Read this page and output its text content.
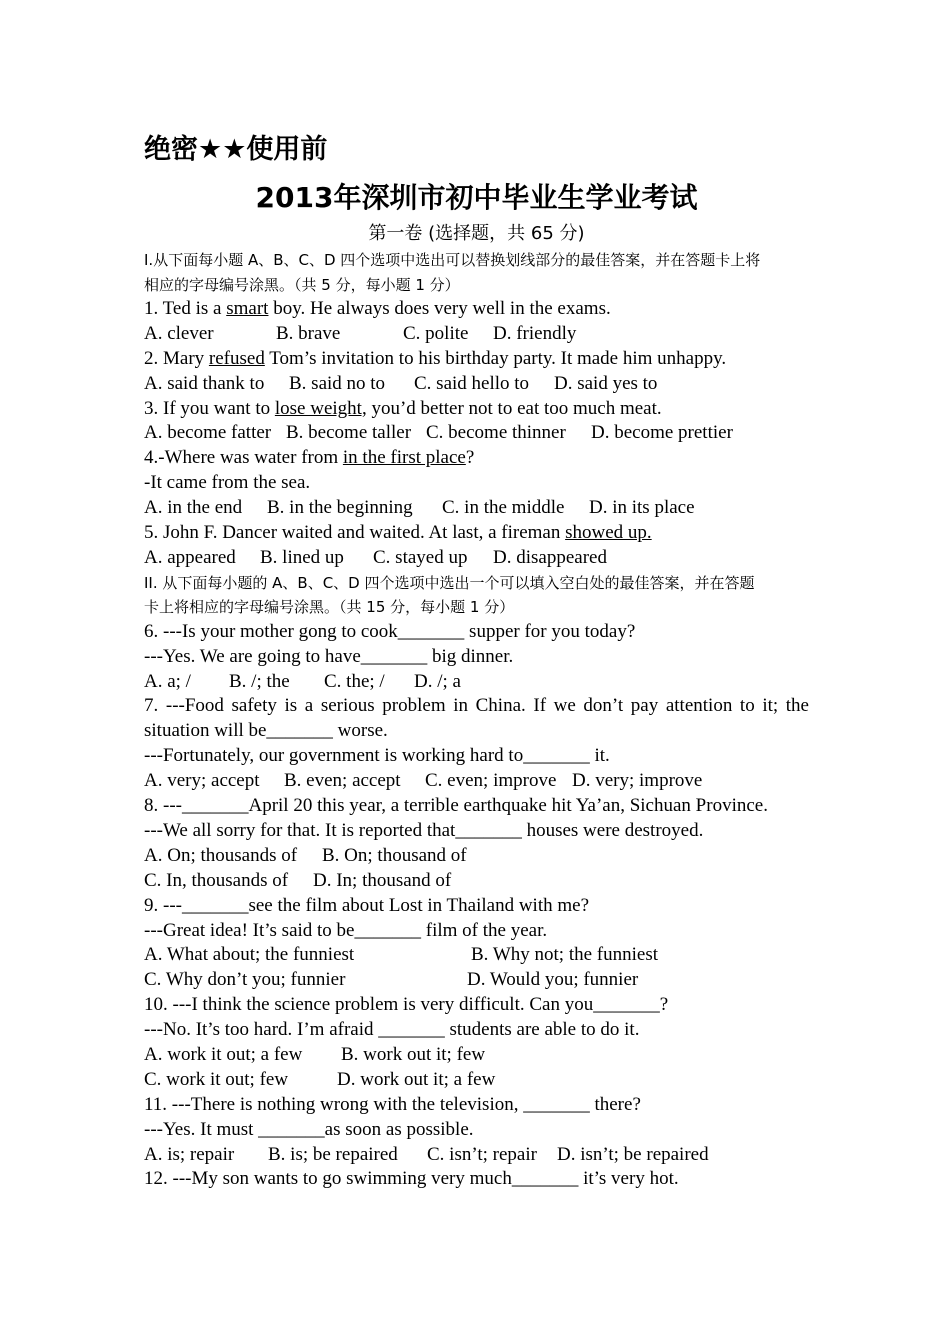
绝密★★使用前
2013年深圳市初中毕业生学业考试
第一卷 (选择题，共 65 分)
I.从下面每小题 A、B、C、D 四个选项中选出可以替换划线部分的最佳答案，并在答题卡上将
相应的字母编号涂黑。（共 5 分，每小题 1 分）
1. Ted is a smart boy. He always does very well in the exams.
A. clever	B. brave	C. polite	D. friendly
2. Mary refused Tom’s invitation to his birthday party. It made him unhappy.
A. said thank to	B. said no to	C. said hello to	D. said yes to
3. If you want to lose weight, you’d better not to eat too much meat.
A. become fatter B. become taller C. become thinner	D. become prettier
4.-Where was water from in the first place?
-It came from the sea.
A. in the end	B. in the beginning	C. in the middle	D. in its place
5. John F. Dancer waited and waited. At last, a fireman showed up.
A. appeared	B. lined up	C. stayed up	D. disappeared
II. 从下面每小题的 A、B、C、D 四个选项中选出一个可以填入空白处的最佳答案，并在答题
卡上将相应的字母编号涂黑。（共 15 分，每小题 1 分）
6. ---Is your mother gong to cook_______ supper for you today?
---Yes. We are going to have_______ big dinner.
A. a; /	B. /; the	C. the; /	D. /; a
7. ---Food safety is a serious problem in China. If we don’t pay attention to it; the
situation will be_______ worse.
---Fortunately, our government is working hard to_______ it.
A. very; accept	B. even; accept	C. even; improve D. very; improve
8. ---_______April 20 this year, a terrible earthquake hit Ya’an, Sichuan Province.
---We all sorry for that. It is reported that_______ houses were destroyed.
A. On; thousands of	B. On; thousand of
C. In, thousands of	D. In; thousand of
9. ---_______see the film about Lost in Thailand with me?
---Great idea! It’s said to be_______ film of the year.
A. What about; the funniest	B. Why not; the funniest
C. Why don’t you; funnier	D. Would you; funnier
10. ---I think the science problem is very difficult. Can you_______?
---No. It’s too hard. I’m afraid _______ students are able to do it.
A. work it out; a few	B. work out it; few
C. work it out; few	D. work out it; a few
11. ---There is nothing wrong with the television, _______ there?
---Yes. It must _______as soon as possible.
A. is; repair	B. is; be repaired	C. isn’t; repair	D. isn’t; be repaired
12. ---My son wants to go swimming very much_______ it’s very hot.
